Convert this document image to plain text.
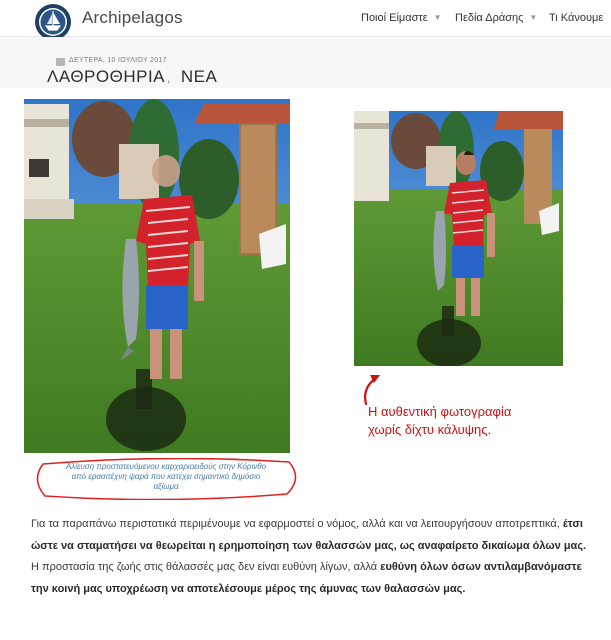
Archipelagos	Ποιοί Είμαστε ▼ Πεδία Δράσης ▼ Τι Κάνουμε
ΔΕΥΤΕΡΑ, 10 ΙΟΥΛΙΟΥ 2017
ΛΑΘΡΟΘΗΡΙΑ , ΝΕΑ
Αλίευση προστατευόμενου καρχαριοειδούς στην Κόρινθο
από ερασιτέχνη ψαρά που κατέχει σημαντικό δημόσιο
αξίωμα
Η αυθεντική φωτογραφία
χωρίς δίχτυ κάλυψης.
Για τα παραπάνω περιστατικά περιμένουμε να εφαρμοστεί ο νόμος, αλλά και να λειτουργήσουν αποτρεπτικά, έτσι ώστε να σταματήσει να θεωρείται η ερημοποίηση των θαλασσών μας, ως αναφαίρετο δικαίωμα όλων μας. Η προστασία της ζωής στις θάλασσές μας δεν είναι ευθύνη λίγων, αλλά ευθύνη όλων όσων αντιλαμβανόμαστε την κοινή μας υποχρέωση να αποτελέσουμε μέρος της άμυνας των θαλασσών μας.
